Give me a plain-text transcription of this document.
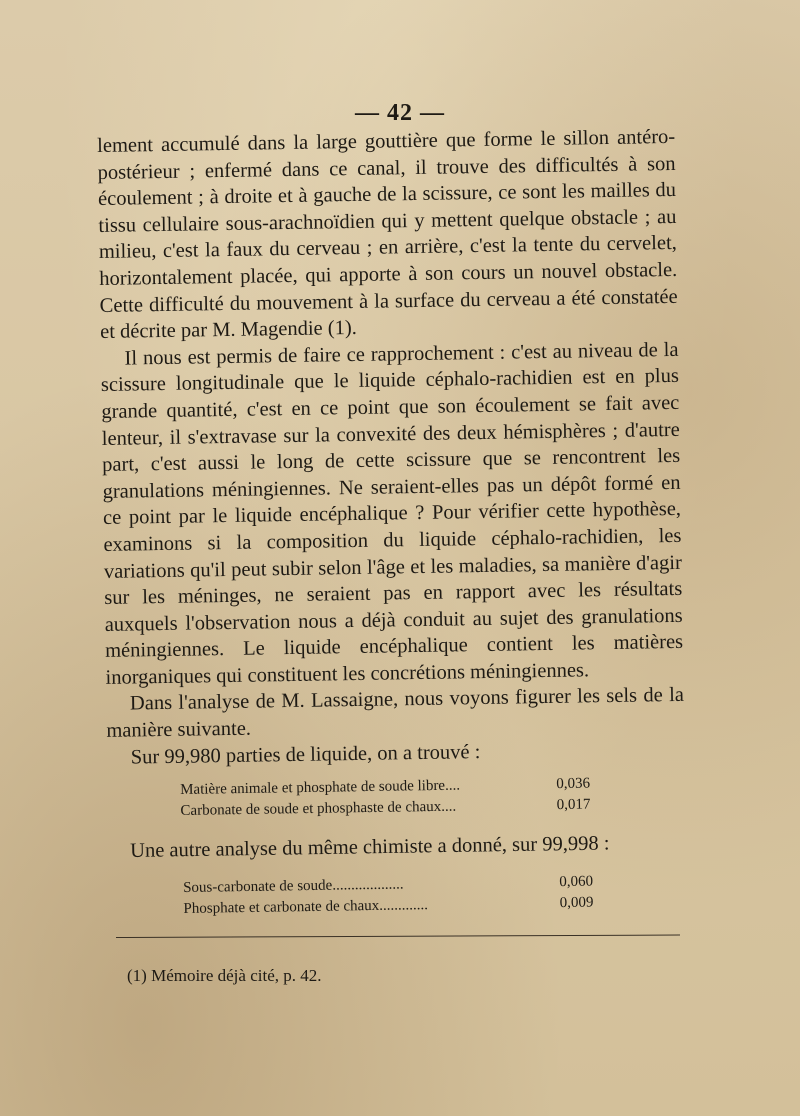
— 42 —

lement accumulé dans la large gouttière que forme le sillon antéro-postérieur ; enfermé dans ce canal, il trouve des difficultés à son écoulement ; à droite et à gauche de la scissure, ce sont les mailles du tissu cellulaire sous-arachnoïdien qui y mettent quelque obstacle ; au milieu, c'est la faux du cerveau ; en arrière, c'est la tente du cervelet, horizontalement placée, qui apporte à son cours un nouvel obstacle. Cette difficulté du mouvement à la surface du cerveau a été constatée et décrite par M. Magendie (1).

Il nous est permis de faire ce rapprochement : c'est au niveau de la scissure longitudinale que le liquide céphalo-rachidien est en plus grande quantité, c'est en ce point que son écoulement se fait avec lenteur, il s'extravase sur la convexité des deux hémisphères ; d'autre part, c'est aussi le long de cette scissure que se rencontrent les granulations méningiennes. Ne seraient-elles pas un dépôt formé en ce point par le liquide encéphalique ? Pour vérifier cette hypothèse, examinons si la composition du liquide céphalo-rachidien, les variations qu'il peut subir selon l'âge et les maladies, sa manière d'agir sur les méninges, ne seraient pas en rapport avec les résultats auxquels l'observation nous a déjà conduit au sujet des granulations méningiennes. Le liquide encéphalique contient les matières inorganiques qui constituent les concrétions méningiennes.

Dans l'analyse de M. Lassaigne, nous voyons figurer les sels de la manière suivante.

Sur 99,980 parties de liquide, on a trouvé :

Matière animale et phosphate de soude libre....	0,036
Carbonate de soude et phosphaste de chaux....	0,017
Une autre analyse du même chimiste a donné, sur 99,998 :
Sous-carbonate de soude...................	0,060
Phosphate et carbonate de chaux.............	0,009
(1) Mémoire déjà cité, p. 42.
